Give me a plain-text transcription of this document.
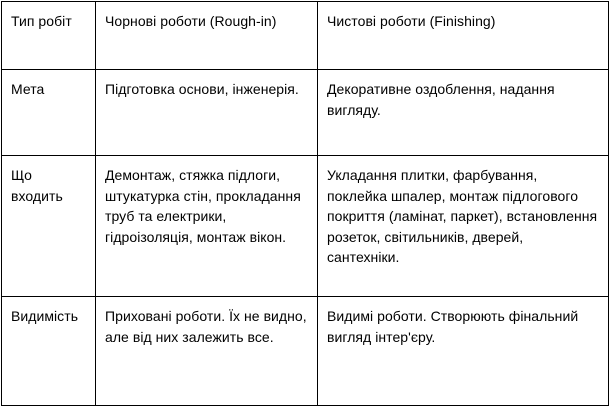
Тип робіт	Чорнові роботи (Rough-in)	Чистові роботи (Finishing)
Мета	Підготовка основи, інженерія.	Декоративне оздоблення, надання вигляду.
Що входить	Демонтаж, стяжка підлоги, штукатурка стін, прокладання труб та електрики, гідроізоляція, монтаж вікон.	Укладання плитки, фарбування, поклейка шпалер, монтаж підлогового покриття (ламінат, паркет), встановлення розеток, світильників, дверей, сантехніки.
Видимість	Приховані роботи. Їх не видно, але від них залежить все.	Видимі роботи. Створюють фінальний вигляд інтер'єру.
